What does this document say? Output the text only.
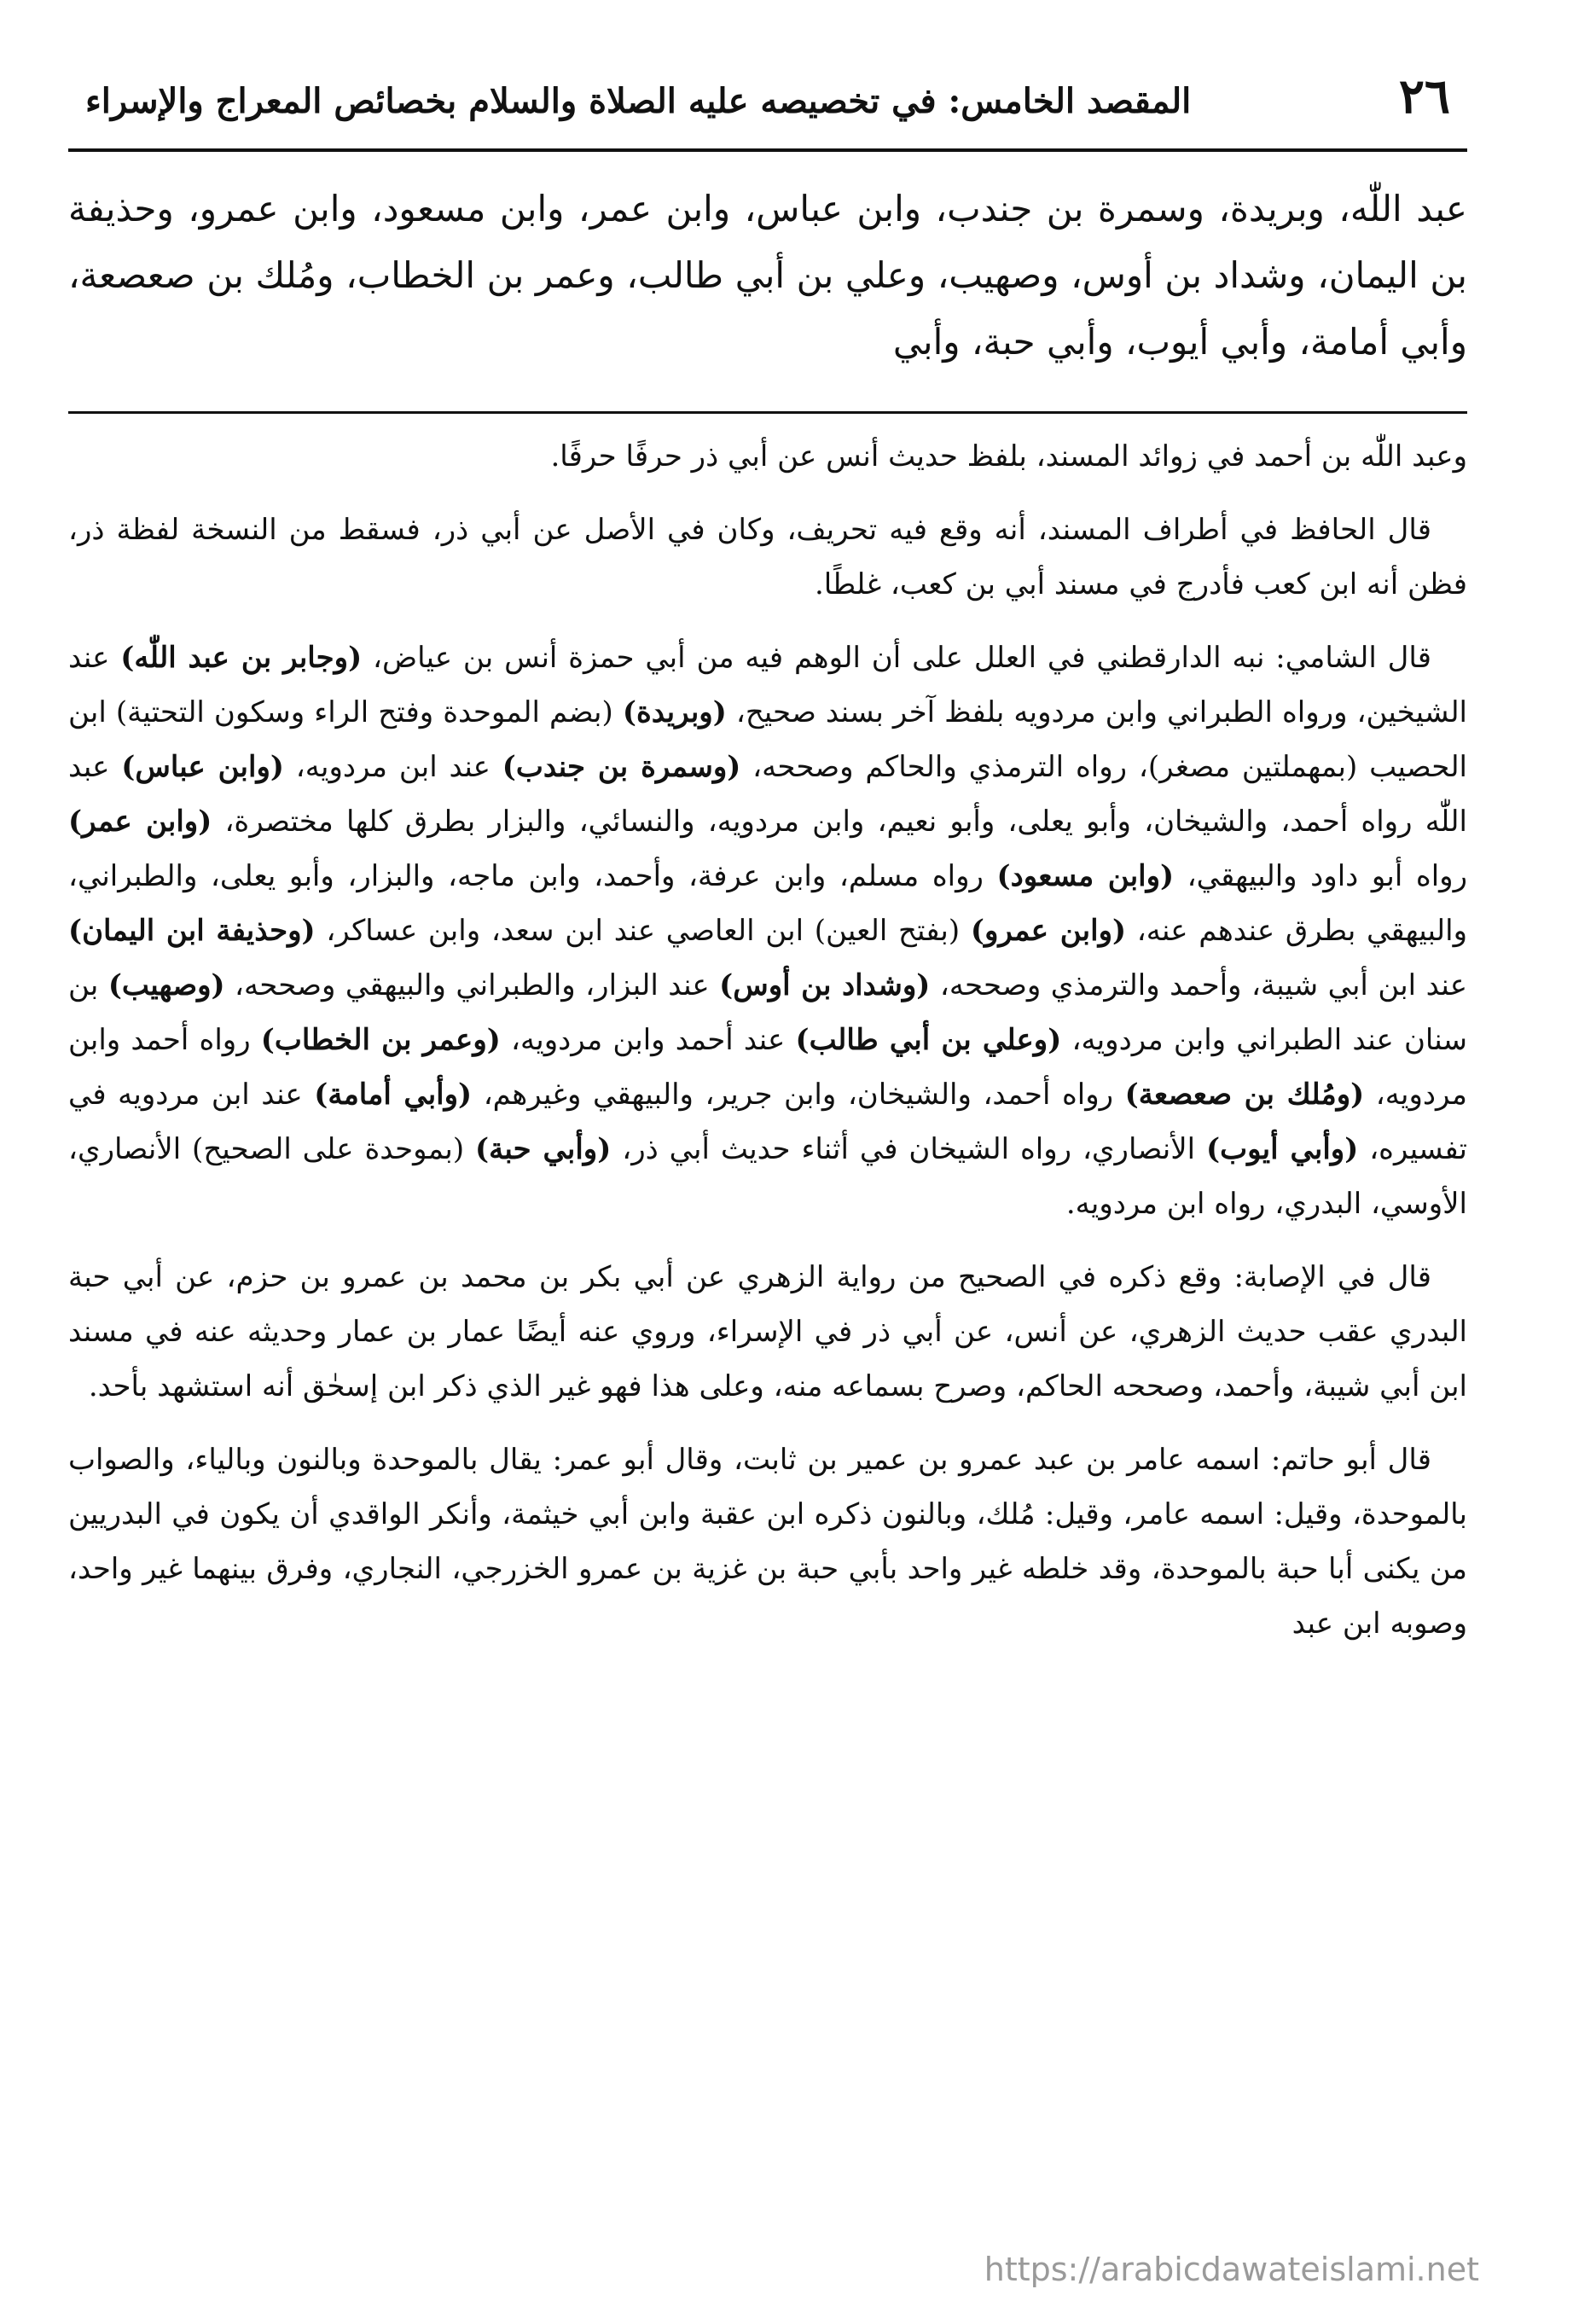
٢٦
المقصد الخامس: في تخصيصه عليه الصلاة والسلام بخصائص المعراج والإسراء

عبد اللّٰه، وبريدة، وسمرة بن جندب، وابن عباس، وابن عمر، وابن مسعود، وابن عمرو، وحذيفة بن اليمان، وشداد بن أوس، وصهيب، وعلي بن أبي طالب، وعمر بن الخطاب، ومُلك بن صعصعة، وأبي أمامة، وأبي أيوب، وأبي حبة، وأبي

وعبد اللّٰه بن أحمد في زوائد المسند، بلفظ حديث أنس عن أبي ذر حرفًا حرفًا.

قال الحافظ في أطراف المسند، أنه وقع فيه تحريف، وكان في الأصل عن أبي ذر، فسقط من النسخة لفظة ذر، فظن أنه ابن كعب فأدرج في مسند أبي بن كعب، غلطًا.

قال الشامي: نبه الدارقطني في العلل على أن الوهم فيه من أبي حمزة أنس بن عياض، (وجابر بن عبد اللّٰه) عند الشيخين، ورواه الطبراني وابن مردويه بلفظ آخر بسند صحيح، (وبريدة) (بضم الموحدة وفتح الراء وسكون التحتية) ابن الحصيب (بمهملتين مصغر)، رواه الترمذي والحاكم وصححه، (وسمرة بن جندب) عند ابن مردويه، (وابن عباس) عبد اللّٰه رواه أحمد، والشيخان، وأبو يعلى، وأبو نعيم، وابن مردويه، والنسائي، والبزار بطرق كلها مختصرة، (وابن عمر) رواه أبو داود والبيهقي، (وابن مسعود) رواه مسلم، وابن عرفة، وأحمد، وابن ماجه، والبزار، وأبو يعلى، والطبراني، والبيهقي بطرق عندهم عنه، (وابن عمرو) (بفتح العين) ابن العاصي عند ابن سعد، وابن عساكر، (وحذيفة ابن اليمان) عند ابن أبي شيبة، وأحمد والترمذي وصححه، (وشداد بن أوس) عند البزار، والطبراني والبيهقي وصححه، (وصهيب) بن سنان عند الطبراني وابن مردويه، (وعلي بن أبي طالب) عند أحمد وابن مردويه، (وعمر بن الخطاب) رواه أحمد وابن مردويه، (ومُلك بن صعصعة) رواه أحمد، والشيخان، وابن جرير، والبيهقي وغيرهم، (وأبي أمامة) عند ابن مردويه في تفسيره، (وأبي أيوب) الأنصاري، رواه الشيخان في أثناء حديث أبي ذر، (وأبي حبة) (بموحدة على الصحيح) الأنصاري، الأوسي، البدري، رواه ابن مردويه.

قال في الإصابة: وقع ذكره في الصحيح من رواية الزهري عن أبي بكر بن محمد بن عمرو بن حزم، عن أبي حبة البدري عقب حديث الزهري، عن أنس، عن أبي ذر في الإسراء، وروي عنه أيضًا عمار بن عمار وحديثه عنه في مسند ابن أبي شيبة، وأحمد، وصححه الحاكم، وصرح بسماعه منه، وعلى هذا فهو غير الذي ذكر ابن إسحٰق أنه استشهد بأحد.

قال أبو حاتم: اسمه عامر بن عبد عمرو بن عمير بن ثابت، وقال أبو عمر: يقال بالموحدة وبالنون وبالياء، والصواب بالموحدة، وقيل: اسمه عامر، وقيل: مُلك، وبالنون ذكره ابن عقبة وابن أبي خيثمة، وأنكر الواقدي أن يكون في البدريين من يكنى أبا حبة بالموحدة، وقد خلطه غير واحد بأبي حبة بن غزية بن عمرو الخزرجي، النجاري، وفرق بينهما غير واحد، وصوبه ابن عبد

https://arabicdawateislami.net
